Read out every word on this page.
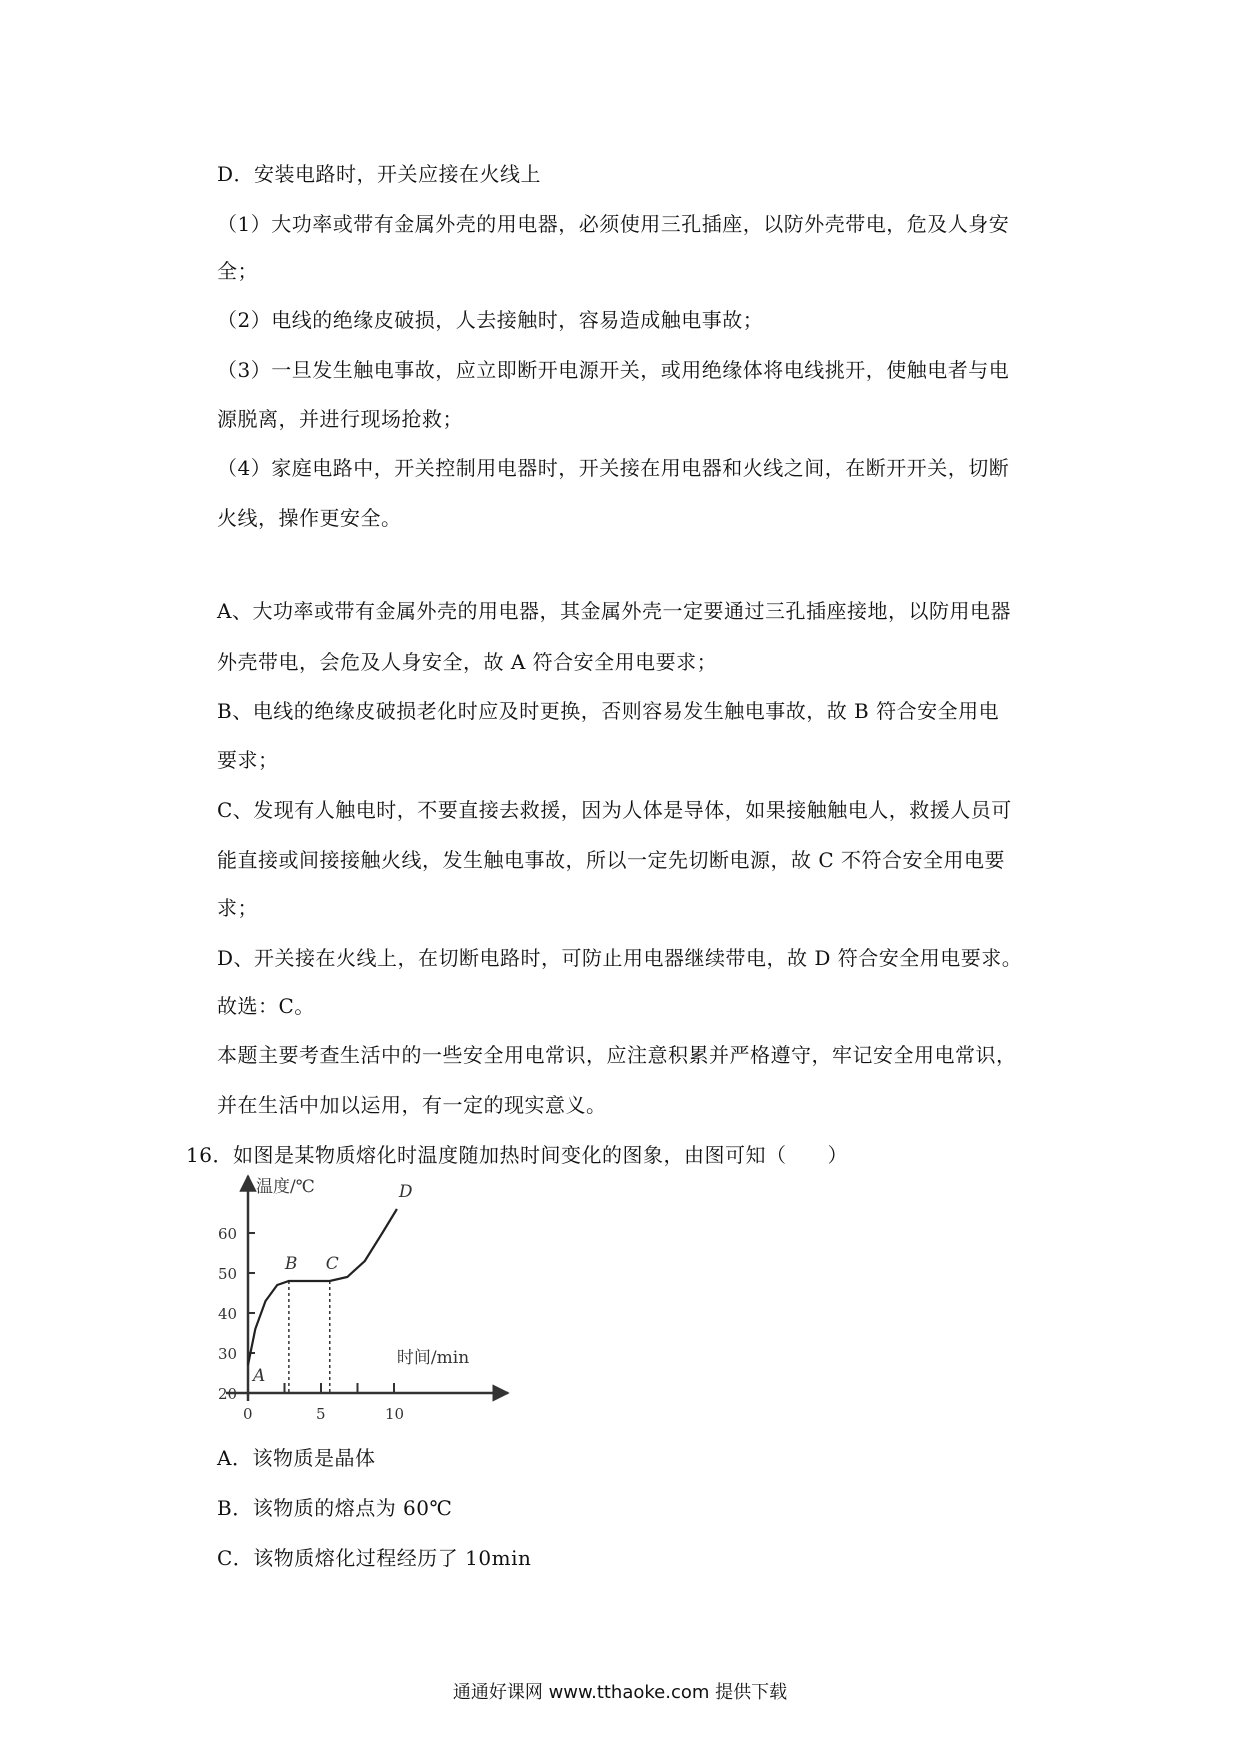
D．安装电路时，开关应接在火线上

（1）大功率或带有金属外壳的用电器，必须使用三孔插座，以防外壳带电，危及人身安

全；

（2）电线的绝缘皮破损，人去接触时，容易造成触电事故；

（3）一旦发生触电事故，应立即断开电源开关，或用绝缘体将电线挑开，使触电者与电

源脱离，并进行现场抢救；

（4）家庭电路中，开关控制用电器时，开关接在用电器和火线之间，在断开开关，切断

火线，操作更安全。

A、大功率或带有金属外壳的用电器，其金属外壳一定要通过三孔插座接地，以防用电器

外壳带电，会危及人身安全，故 A 符合安全用电要求；

B、电线的绝缘皮破损老化时应及时更换，否则容易发生触电事故，故 B 符合安全用电

要求；

C、发现有人触电时，不要直接去救援，因为人体是导体，如果接触触电人，救援人员可

能直接或间接接触火线，发生触电事故，所以一定先切断电源，故 C 不符合安全用电要

求；

D、开关接在火线上，在切断电路时，可防止用电器继续带电，故 D 符合安全用电要求。

故选：C。

本题主要考查生活中的一些安全用电常识，应注意积累并严格遵守，牢记安全用电常识，

并在生活中加以运用，有一定的现实意义。

16．如图是某物质熔化时温度随加热时间变化的图象，由图可知（　　）

20
30
40
50
60
0	5	10
温度/℃
时间/min
A
B C
D

A．该物质是晶体

B．该物质的熔点为 60℃

C．该物质熔化过程经历了 10min

通通好课网 www.tthaoke.com 提供下载
